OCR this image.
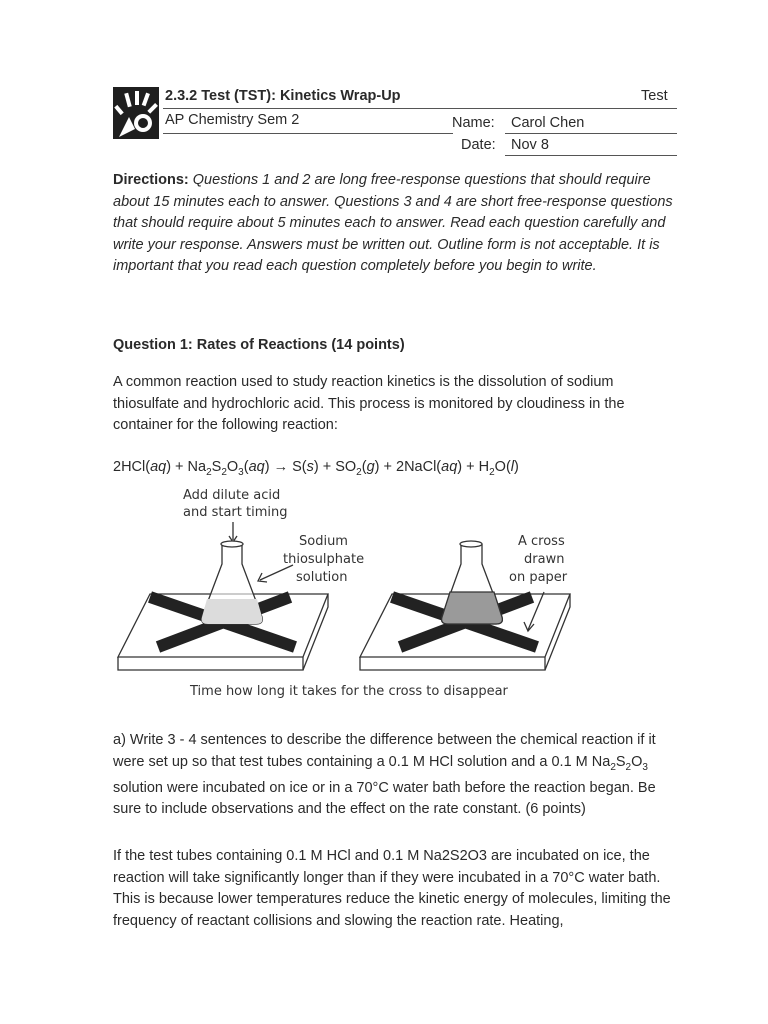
2.3.2 Test (TST): Kinetics Wrap-Up	Test
AP Chemistry Sem 2	Name: Carol Chen
Date: Nov 8
Directions: Questions 1 and 2 are long free-response questions that should require about 15 minutes each to answer. Questions 3 and 4 are short free-response questions that should require about 5 minutes each to answer. Read each question carefully and write your response. Answers must be written out. Outline form is not acceptable. It is important that you read each question completely before you begin to write.
Question 1: Rates of Reactions (14 points)
A common reaction used to study reaction kinetics is the dissolution of sodium thiosulfate and hydrochloric acid. This process is monitored by cloudiness in the container for the following reaction:
$2HCl(aq) + Na_2S_2O_3(aq) \to S(s) + SO_2(g)$ + 2NaCl(aq) + $H_2O(l)$
Add dilute acid
and start timing
Sodium
thiosulphate
solution
A cross
drawn
on paper
Time how long it takes for the cross to disappear
a) Write 3 - 4 sentences to describe the difference between the chemical reaction if it were set up so that test tubes containing a 0.1 M HCl solution and a 0.1 M $Na_2S_2O_3$ solution were incubated on ice or in a 70°C water bath before the reaction began. Be sure to include observations and the effect on the rate constant. (6 points)
If the test tubes containing 0.1 M HCl and 0.1 M Na2S2O3 are incubated on ice, the reaction will take significantly longer than if they were incubated in a 70°C water bath. This is because lower temperatures reduce the kinetic energy of molecules, limiting the frequency of reactant collisions and slowing the reaction rate. Heating,
